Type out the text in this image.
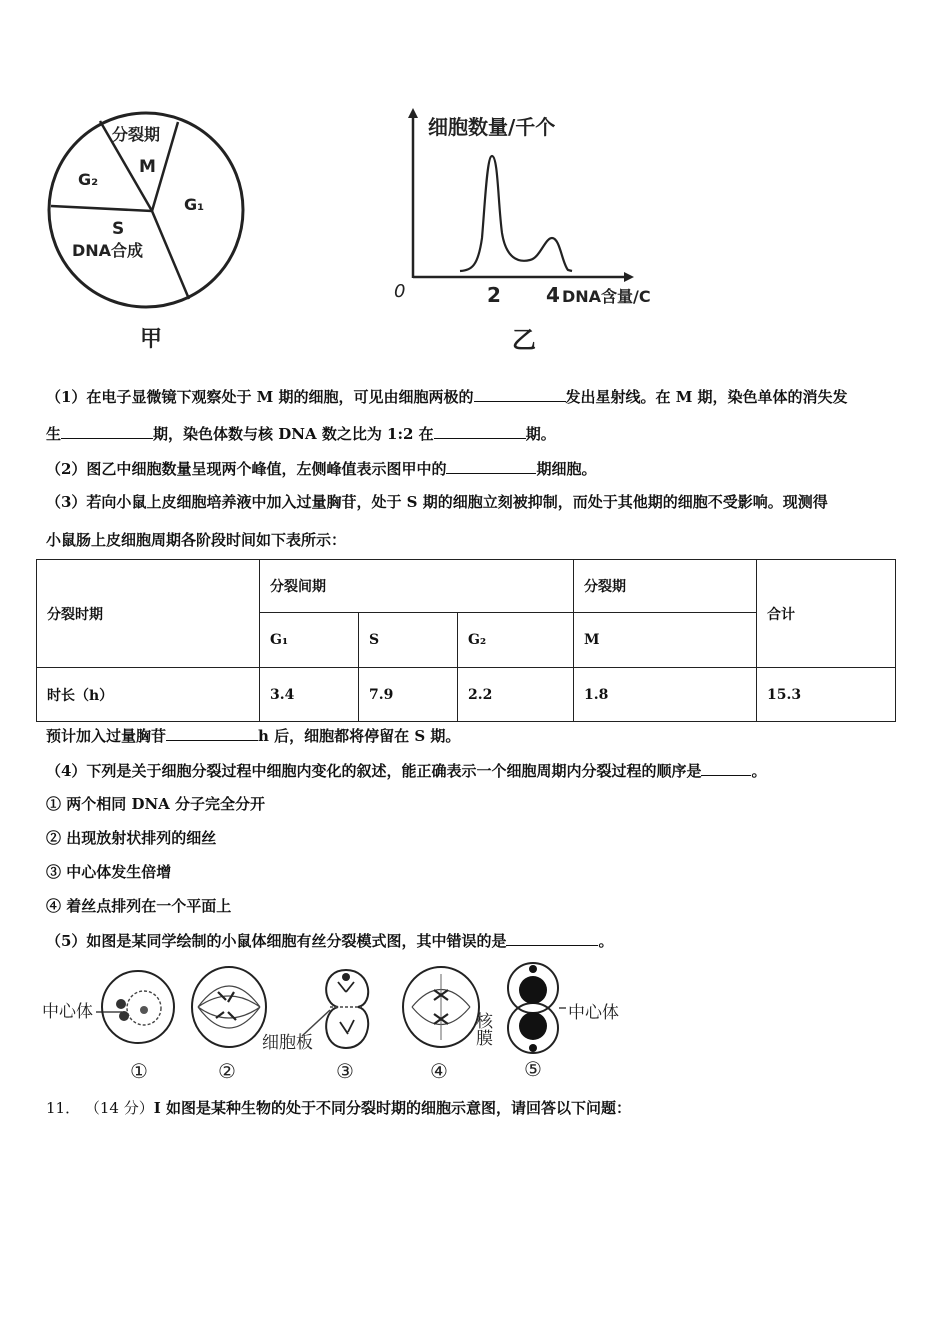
分裂期
M
G₂
G₁
S
DNA合成
甲
细胞数量/千个
0	2 4 DNA含量/C
乙
（1）在电子显微镜下观察处于 M 期的细胞，可见由细胞两极的	发出星射线。在 M 期，染色单体的消失发
生	期，染色体数与核 DNA 数之比为 1:2 在	期。
（2）图乙中细胞数量呈现两个峰值，左侧峰值表示图甲中的	期细胞。
（3）若向小鼠上皮细胞培养液中加入过量胸苷，处于 S 期的细胞立刻被抑制，而处于其他期的细胞不受影响。现测得
小鼠肠上皮细胞周期各阶段时间如下表所示：
分裂时期	分裂间期			分裂期	合计
	G₁	S	G₂	M	
时长（h）	3.4	7.9	2.2	1.8	15.3
预计加入过量胸苷	h 后，细胞都将停留在 S 期。
（4）下列是关于细胞分裂过程中细胞内变化的叙述，能正确表示一个细胞周期内分裂过程的顺序是	。
① 两个相同 DNA 分子完全分开
② 出现放射状排列的细丝
③ 中心体发生倍增
④ 着丝点排列在一个平面上
（5）如图是某同学绘制的小鼠体细胞有丝分裂模式图，其中错误的是	。
中心体
①	②
细胞板
③
核膜
④
中心体
⑤
11． （14 分）I 如图是某种生物的处于不同分裂时期的细胞示意图，请回答以下问题：
